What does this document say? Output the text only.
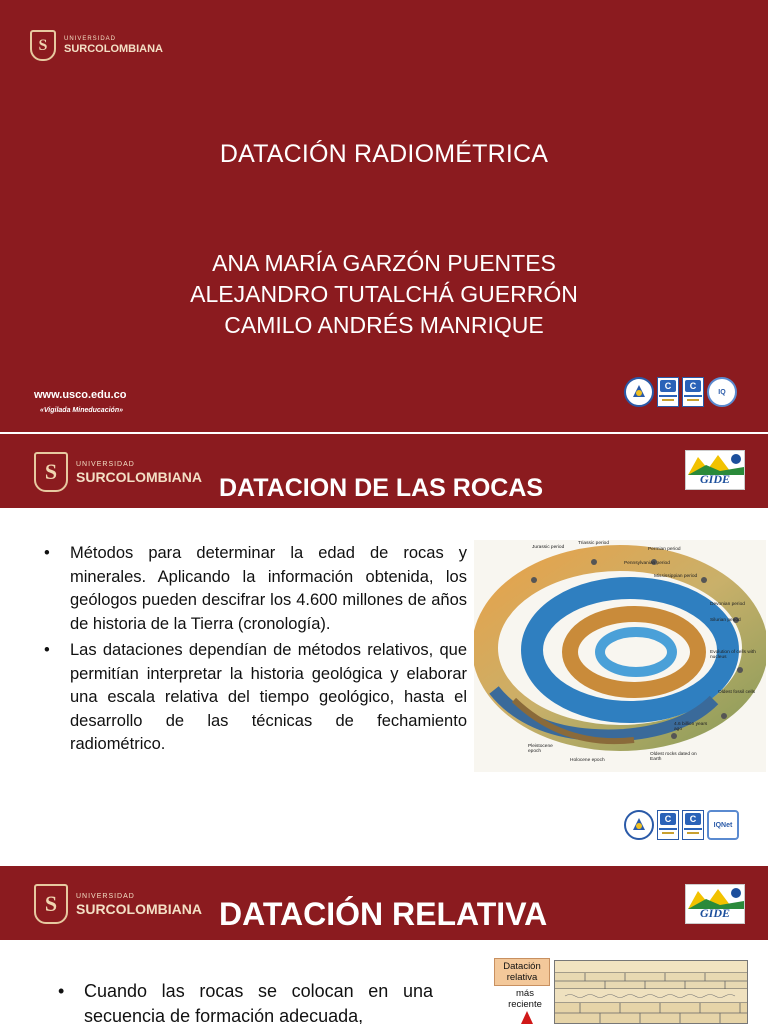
S	UNIVERSIDAD
SURCOLOMBIANA
DATACIÓN RADIOMÉTRICA
ANA MARÍA GARZÓN PUENTES
ALEJANDRO TUTALCHÁ GUERRÓN
CAMILO ANDRÉS MANRIQUE
www.usco.edu.co
«Vigilada Mineducación»
C	C
IQ
S	UNIVERSIDAD
SURCOLOMBIANA DATACION DE LAS ROCAS	GIDE
• Métodos para determinar la edad de rocas y minerales. Aplicando la información obtenida, los geólogos pueden descifrar los 4.600 millones de años de historia de la Tierra (cronología).
• Las dataciones dependían de métodos relativos, que permitían interpretar la historia geológica y elaborar una escala relativa del tiempo geológico, hasta el desarrollo de las técnicas de fechamiento radiométrico.
Jurassic period
Triassic period
Permian period
Pennsylvanian period
Mississippian period
Devonian period
Silurian period
Evolution of cells with nucleus
Oldest fossil cells
4.6 billion years ago
Oldest rocks dated on Earth
Pleistocene epoch
Holocene epoch
C	C
IQNet
S	UNIVERSIDAD
SURCOLOMBIANA DATACIÓN RELATIVA	GIDE
• Cuando las rocas se colocan en una secuencia de formación adecuada,
Datación relativa
más reciente
